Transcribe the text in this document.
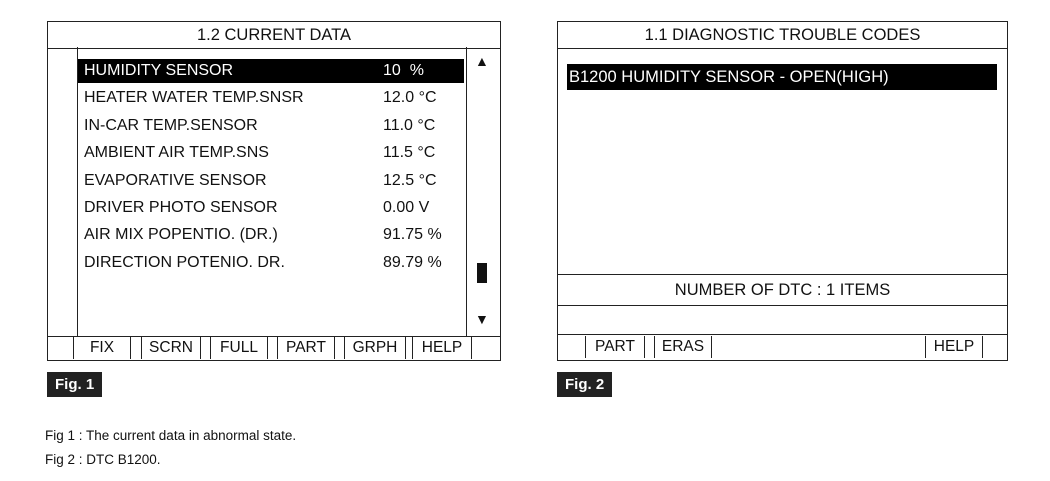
1.2 CURRENT DATA
HUMIDITY SENSOR	10  %
HEATER WATER TEMP.SNSR	12.0 °C
IN-CAR TEMP.SENSOR	11.0 °C
AMBIENT AIR TEMP.SNS	11.5 °C
EVAPORATIVE SENSOR	12.5 °C
DRIVER PHOTO SENSOR	0.00 V
AIR MIX POPENTIO. (DR.)	91.75 %
DIRECTION POTENIO. DR.	89.79 %
▲
▼
FIX	SCRN	FULL	PART	GRPH	HELP
Fig. 1
1.1 DIAGNOSTIC TROUBLE CODES
B1200 HUMIDITY SENSOR - OPEN(HIGH)
NUMBER OF DTC : 1 ITEMS
PART	ERAS	HELP
Fig. 2
Fig 1 : The current data in abnormal state.
Fig 2 : DTC B1200.
